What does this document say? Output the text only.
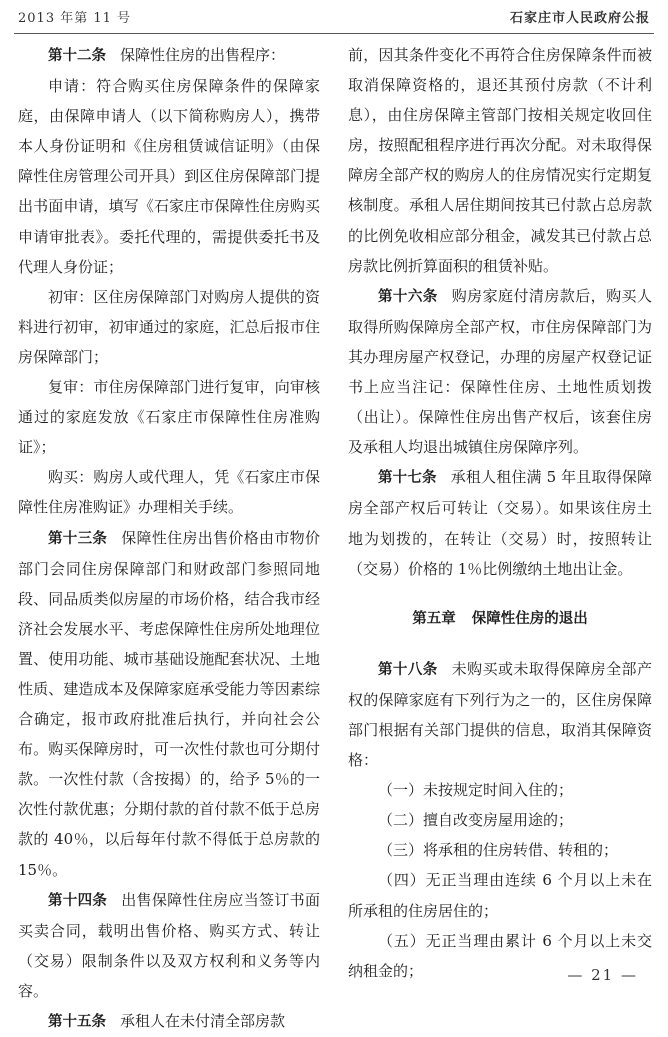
2013 年第 11 号	石家庄市人民政府公报

第十二条 保障性住房的出售程序：

申请：符合购买住房保障条件的保障家庭，由保障申请人（以下简称购房人），携带本人身份证明和《住房租赁诚信证明》（由保障性住房管理公司开具）到区住房保障部门提出书面申请，填写《石家庄市保障性住房购买申请审批表》。委托代理的，需提供委托书及代理人身份证；

初审：区住房保障部门对购房人提供的资料进行初审，初审通过的家庭，汇总后报市住房保障部门；

复审：市住房保障部门进行复审，向审核通过的家庭发放《石家庄市保障性住房准购证》；

购买：购房人或代理人，凭《石家庄市保障性住房准购证》办理相关手续。

第十三条 保障性住房出售价格由市物价部门会同住房保障部门和财政部门参照同地段、同品质类似房屋的市场价格，结合我市经济社会发展水平、考虑保障性住房所处地理位置、使用功能、城市基础设施配套状况、土地性质、建造成本及保障家庭承受能力等因素综合确定，报市政府批准后执行，并向社会公布。购买保障房时，可一次性付款也可分期付款。一次性付款（含按揭）的，给予 5％的一次性付款优惠；分期付款的首付款不低于总房款的 40％，以后每年付款不得低于总房款的 15％。

第十四条 出售保障性住房应当签订书面买卖合同，载明出售价格、购买方式、转让（交易）限制条件以及双方权利和义务等内容。

第十五条 承租人在未付清全部房款

前，因其条件变化不再符合住房保障条件而被取消保障资格的，退还其预付房款（不计利息），由住房保障主管部门按相关规定收回住房，按照配租程序进行再次分配。对未取得保障房全部产权的购房人的住房情况实行定期复核制度。承租人居住期间按其已付款占总房款的比例免收相应部分租金，减发其已付款占总房款比例折算面积的租赁补贴。

第十六条 购房家庭付清房款后，购买人取得所购保障房全部产权，市住房保障部门为其办理房屋产权登记，办理的房屋产权登记证书上应当注记：保障性住房、土地性质划拨（出让）。保障性住房出售产权后，该套住房及承租人均退出城镇住房保障序列。

第十七条 承租人租住满 5 年且取得保障房全部产权后可转让（交易）。如果该住房土地为划拨的，在转让（交易）时，按照转让（交易）价格的 1％比例缴纳土地出让金。

第五章 保障性住房的退出

第十八条 未购买或未取得保障房全部产权的保障家庭有下列行为之一的，区住房保障部门根据有关部门提供的信息，取消其保障资格：

（一）未按规定时间入住的；

（二）擅自改变房屋用途的；

（三）将承租的住房转借、转租的；

（四）无正当理由连续 6 个月以上未在所承租的住房居住的；

（五）无正当理由累计 6 个月以上未交纳租金的；	— 21 —
